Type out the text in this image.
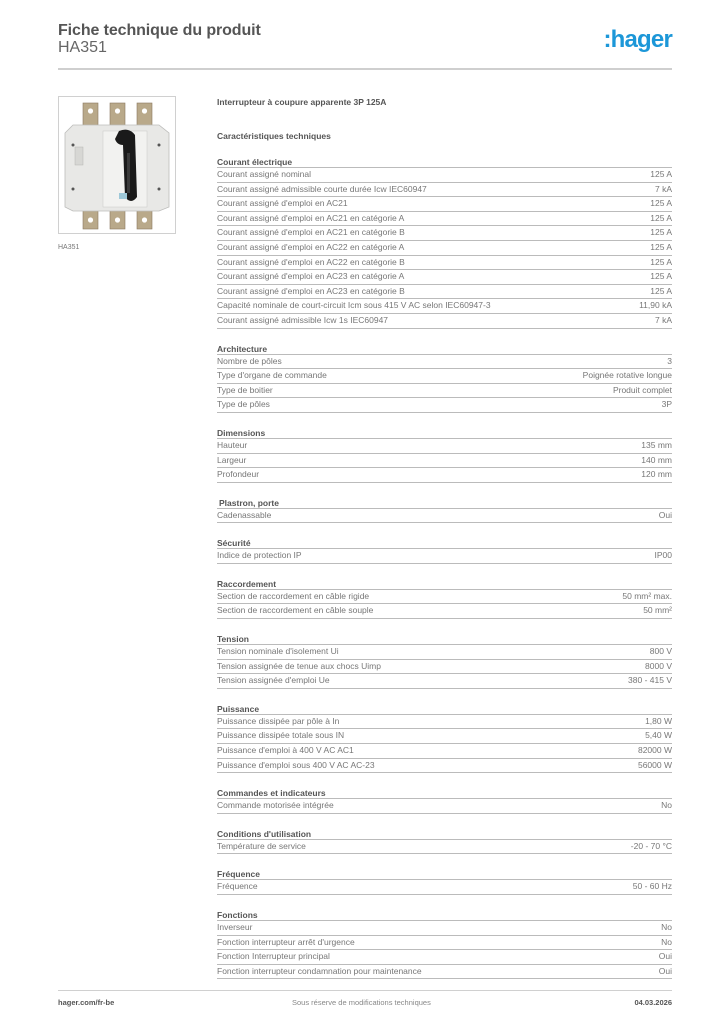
Fiche technique du produit
HA351	:hager
HA351
Interrupteur à coupure apparente 3P 125A
Caractéristiques techniques
Courant électrique
Courant assigné nominal	125 A
Courant assigné admissible courte durée Icw IEC60947	7 kA
Courant assigné d'emploi en AC21	125 A
Courant assigné d'emploi en AC21 en catégorie A	125 A
Courant assigné d'emploi en AC21 en catégorie B	125 A
Courant assigné d'emploi en AC22 en catégorie A	125 A
Courant assigné d'emploi en AC22 en catégorie B	125 A
Courant assigné d'emploi en AC23 en catégorie A	125 A
Courant assigné d'emploi en AC23 en catégorie B	125 A
Capacité nominale de court-circuit Icm sous 415 V AC selon IEC60947-3	11,90 kA
Courant assigné admissible Icw 1s IEC60947	7 kA
Architecture
Nombre de pôles	3
Type d'organe de commande	Poignée rotative longue
Type de boitier	Produit complet
Type de pôles	3P
Dimensions
Hauteur	135 mm
Largeur	140 mm
Profondeur	120 mm
Plastron, porte
Cadenassable	Oui
Sécurité
Indice de protection IP	IP00
Raccordement
Section de raccordement en câble rigide	50 mm² max.
Section de raccordement en câble souple	50 mm²
Tension
Tension nominale d'isolement Ui	800 V
Tension assignée de tenue aux chocs Uimp	8000 V
Tension assignée d'emploi Ue	380 - 415 V
Puissance
Puissance dissipée par pôle à In	1,80 W
Puissance dissipée totale sous IN	5,40 W
Puissance d'emploi à 400 V AC AC1	82000 W
Puissance d'emploi sous 400 V AC AC-23	56000 W
Commandes et indicateurs
Commande motorisée intégrée	No
Conditions d'utilisation
Température de service	-20 - 70 °C
Fréquence
Fréquence	50 - 60 Hz
Fonctions
Inverseur	No
Fonction interrupteur arrêt d'urgence	No
Fonction Interrupteur principal	Oui
Fonction interrupteur condamnation pour maintenance	Oui
hager.com/fr-be	Sous réserve de modifications techniques	04.03.2026
